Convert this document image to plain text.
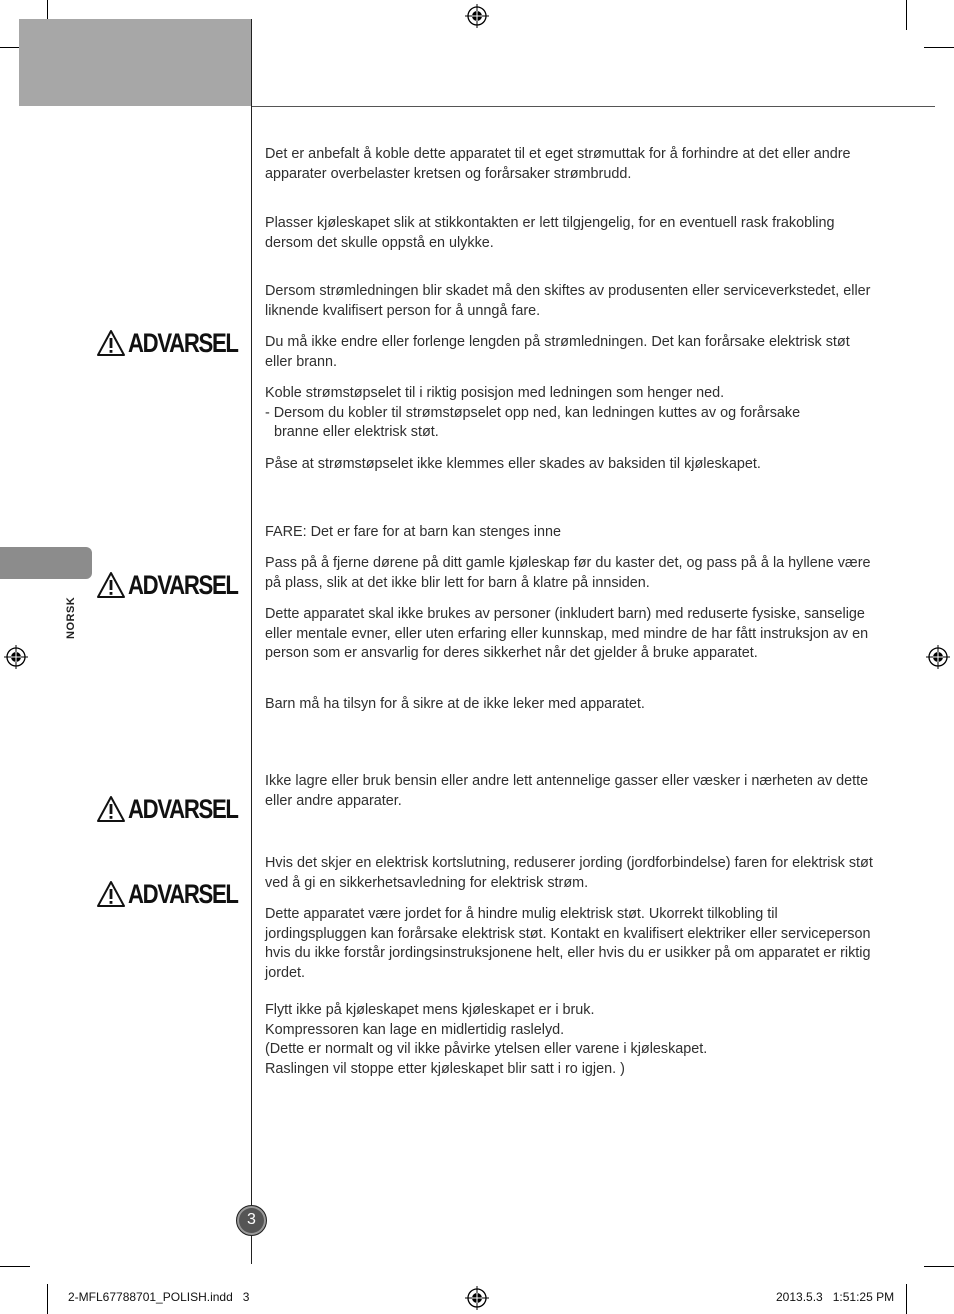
NORSK
ADVARSEL
ADVARSEL
ADVARSEL
ADVARSEL
Det er anbefalt å koble dette apparatet til et eget strømuttak for å forhindre at det eller andre apparater overbelaster kretsen og forårsaker strømbrudd.
Plasser kjøleskapet slik at stikkontakten er lett tilgjengelig, for en eventuell rask frakobling dersom det skulle oppstå en ulykke.
Dersom strømledningen blir skadet må den skiftes av produsenten eller serviceverkstedet, eller liknende kvalifisert person for å unngå fare.
Du må ikke endre eller forlenge lengden på strømledningen. Det kan forårsake elektrisk støt eller brann.
Koble strømstøpselet til i riktig posisjon med ledningen som henger ned.
- Dersom du kobler til strømstøpselet opp ned, kan ledningen kuttes av og forårsake
branne eller elektrisk støt.
Påse at strømstøpselet ikke klemmes eller skades av baksiden til kjøleskapet.
FARE: Det er fare for at barn kan stenges inne
Pass på å fjerne dørene på ditt gamle kjøleskap før du kaster det, og pass på å la hyllene være på plass, slik at det ikke blir lett for barn å klatre på innsiden.
Dette apparatet skal ikke brukes av personer (inkludert barn) med reduserte fysiske, sanselige eller mentale evner, eller uten erfaring eller kunnskap, med mindre de har fått instruksjon av en person som er ansvarlig for deres sikkerhet når det gjelder å bruke apparatet.
Barn må ha tilsyn for å sikre at de ikke leker med apparatet.
Ikke lagre eller bruk bensin eller andre lett antennelige gasser eller væsker i nærheten av dette eller andre apparater.
Hvis det skjer en elektrisk kortslutning, reduserer jording (jordforbindelse) faren for elektrisk støt ved å gi en sikkerhetsavledning for elektrisk strøm.
Dette apparatet være jordet for å hindre mulig elektrisk støt. Ukorrekt tilkobling til jordingspluggen kan forårsake elektrisk støt. Kontakt en kvalifisert elektriker eller serviceperson hvis du ikke forstår jordingsinstruksjonene helt, eller hvis du er usikker på om apparatet er riktig jordet.
Flytt ikke på kjøleskapet mens kjøleskapet er i bruk.
Kompressoren kan lage en midlertidig raslelyd.
(Dette er normalt og vil ikke påvirke ytelsen eller varene i kjøleskapet.
Raslingen vil stoppe etter kjøleskapet blir satt i ro igjen. )
3
2-MFL67788701_POLISH.indd   3	2013.5.3   1:51:25 PM
